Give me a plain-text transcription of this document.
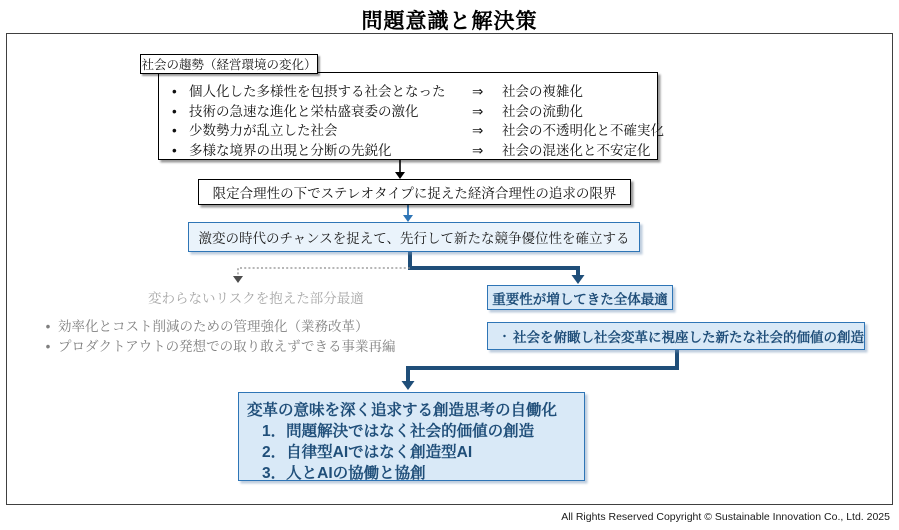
問題意識と解決策
社会の趨勢（経営環境の変化）
• 個人化した多様性を包摂する社会となった	⇒	社会の複雑化
• 技術の急速な進化と栄枯盛衰委の激化	⇒	社会の流動化
• 少数勢力が乱立した社会	⇒	社会の不透明化と不確実化
• 多様な境界の出現と分断の先鋭化	⇒	社会の混迷化と不安定化
限定合理性の下でステレオタイプに捉えた経済合理性の追求の限界
激変の時代のチャンスを捉えて、先行して新たな競争優位性を確立する
変わらないリスクを抱えた部分最適
• 効率化とコスト削減のための管理強化（業務改革）
• プロダクトアウトの発想での取り敢えずできる事業再編
重要性が増してきた全体最適
・ 社会を俯瞰し社会変革に視座した新たな社会的価値の創造
変革の意味を深く追求する創造思考の自働化
1．問題解決ではなく社会的価値の創造
2．自律型AIではなく創造型AI
3．人とAIの協働と協創
All Rights Reserved Copyright © Sustainable Innovation Co., Ltd. 2025
